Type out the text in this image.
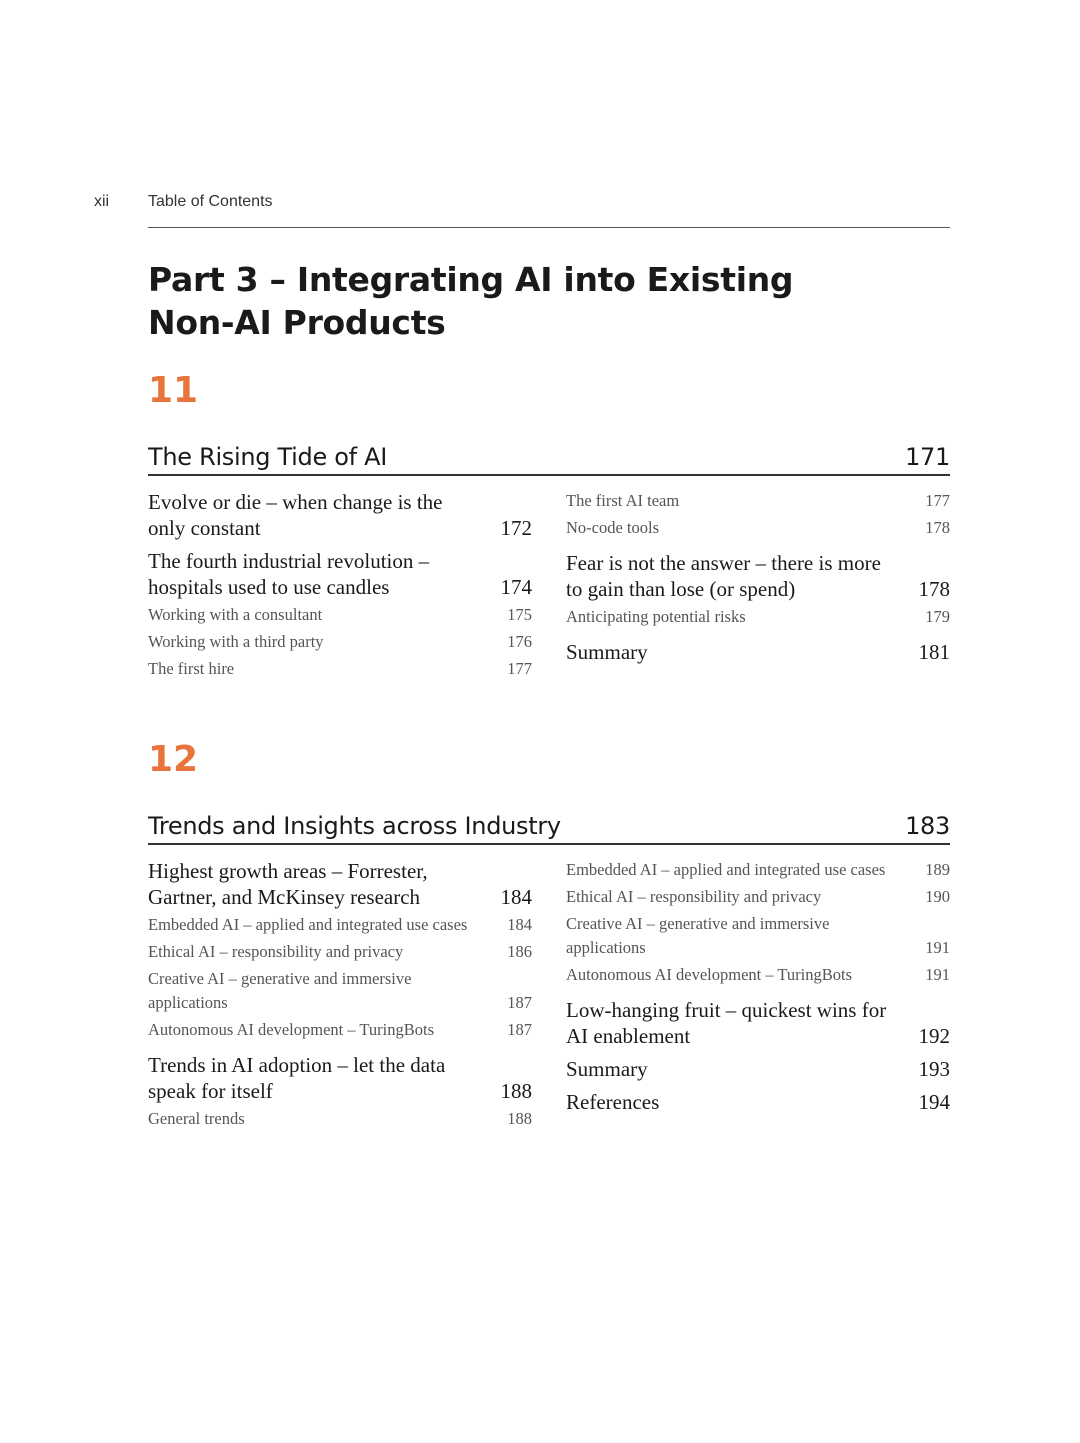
xii Table of Contents
Part 3 – Integrating AI into Existing
Non-AI Products
11
The Rising Tide of AI	171
Evolve or die – when change is the only constant	172
The fourth industrial revolution – hospitals used to use candles	174
Working with a consultant	175
Working with a third party	176
The first hire	177
The first AI team	177
No-code tools	178
Fear is not the answer – there is more to gain than lose (or spend)	178
Anticipating potential risks	179
Summary	181
12
Trends and Insights across Industry	183
Highest growth areas – Forrester, Gartner, and McKinsey research	184
Embedded AI – applied and integrated use cases	184
Ethical AI – responsibility and privacy	186
Creative AI – generative and immersive applications	187
Autonomous AI development – TuringBots	187
Trends in AI adoption – let the data speak for itself	188
General trends	188
Embedded AI – applied and integrated use cases	189
Ethical AI – responsibility and privacy	190
Creative AI – generative and immersive applications	191
Autonomous AI development – TuringBots	191
Low-hanging fruit – quickest wins for AI enablement	192
Summary	193
References	194
